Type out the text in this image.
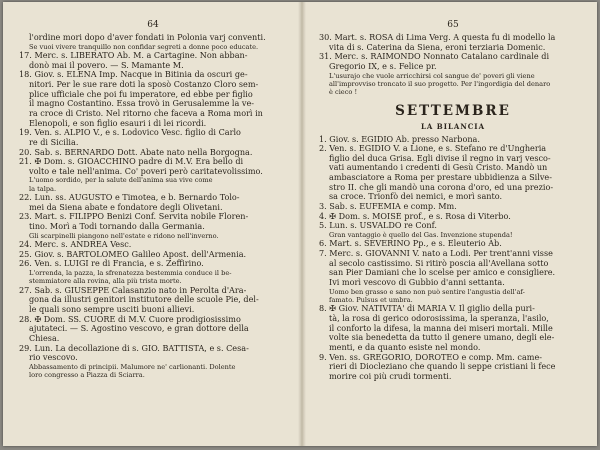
64
l'ordine mori dopo d'aver fondati in Polonia varj conventi.
Se vuoi vivere tranquillo non confidar segreti a donne poco educate.
17. Merc. s. LIBERATO Ab. M. a Cartagine. Non abban-
donò mai il povero. — S. Mamante M.
18. Giov. s. ELENA Imp. Nacque in Bitinia da oscuri ge-
nitori. Per le sue rare doti la sposò Costanzo Cloro sem-
plice ufficiale che poi fu imperatore, ed ebbe per figlio
il magno Costantino. Essa trovò in Gerusalemme la ve-
ra croce di Cristo. Nel ritorno che faceva a Roma morì in
Elenopoli, e son figlio esauri i di lei ricordi.
19. Ven. s. ALPIO V., e s. Lodovico Vesc. figlio di Carlo
re di Sicilia.
20. Sab. s. BERNARDO Dott. Abate nato nella Borgogna.
21. ✠ Dom. s. GIOACCHINO padre di M.V. Era bello di
volto e tale nell'anima. Co' poveri però caritatevolissimo.
L'uomo sordido, per la salute dell'anima sua vive come
la talpa.
22. Lun. ss. AUGUSTO e Timotea, e b. Bernardo Tolo-
mei da Siena abate e fondatore degli Olivetani.
23. Mart. s. FILIPPO Benizi Conf. Servita nobile Floren-
tino. Morì a Todi tornando dalla Germania.
Gli scarpinelli piangono nell'estate e ridono nell'inverno.
24. Merc. s. ANDREA Vesc.
25. Giov. s. BARTOLOMEO Galileo Apost. dell'Armenia.
26. Ven. s. LUIGI re di Francia, e s. Zeffirino.
L'orrenda, la pazza, la sfrenatezza bestemmia conduce il be-
stemmiatore alla rovina, alla più trista morte.
27. Sab. s. GIUSEPPE Calasanzio nato in Perolta d'Ara-
gona da illustri genitori institutore delle scuole Pie, del-
le quali sono sempre usciti buoni allievi.
28. ✠ Dom. SS. CUORE di M.V. Cuore prodigiosissimo
ajutateci. — S. Agostino vescovo, e gran dottore della
Chiesa.
29. Lun. La decollazione di s. GIO. BATTISTA, e s. Cesa-
rio vescovo.
Abbassamento di principii. Malumore ne' carlionanti. Dolente
loro congresso a Piazza di Sciarra.
65
30. Mart. s. ROSA di Lima Verg. A questa fu di modello la
vita di s. Caterina da Siena, eroni terziaria Domenic.
31. Merc. s. RAIMONDO Nonnato Catalano cardinale di
Gregorio IX, e s. Felice pr.
L'usurajo che vuole arricchirsi col sangue de' poveri gli viene
all'improvviso troncato il suo progetto. Per l'ingordigia del denaro
è cieco !
SETTEMBRE
LA BILANCIA
1. Giov. s. EGIDIO Ab. presso Narbona.
2. Ven. s. EGIDIO V. a Lione, e s. Stefano re d'Ungheria
figlio del duca Grisa. Egli divise il regno in varj vesco-
vati aumentando i credenti di Gesù Cristo. Mandò un
ambasciatore a Roma per prestare ubbidienza a Silve-
stro II. che gli mandò una corona d'oro, ed una prezio-
sa croce. Trionfò dei nemici, e morì santo.
3. Sab. s. EUFEMIA e comp. Mm.
4. ✠ Dom. s. MOISÈ prof., e s. Rosa di Viterbo.
5. Lun. s. USVALDO re Conf.
Gran vantaggio è quello del Gas. Invenzione stupenda!
6. Mart. s. SEVERINO Pp., e s. Eleuterio Ab.
7. Merc. s. GIOVANNI V. nato a Lodi. Per trent'anni visse
al secolo castissimo. Si ritirò poscia all'Avellana sotto
san Pier Damiani che lo scelse per amico e consigliere.
Ivi morì vescovo di Gubbio d'anni settanta.
Uomo ben grasso e sano non può sentire l'angustia dell'af-
famato. Pulsus et umbra.
8. ✠ Giov. NATIVITA' di MARIA V. Il giglio della puri-
tà, la rosa di gerico odorosissima, la speranza, l'asilo,
il conforto la difesa, la manna dei miseri mortali. Mille
volte sia benedetta da tutto il genere umano, degli ele-
menti, e da quanto esiste nel mondo.
9. Ven. ss. GREGORIO, DOROTEO e comp. Mm. came-
rieri di Diocleziano che quando li seppe cristiani li fece
morire coi più crudi tormenti.
